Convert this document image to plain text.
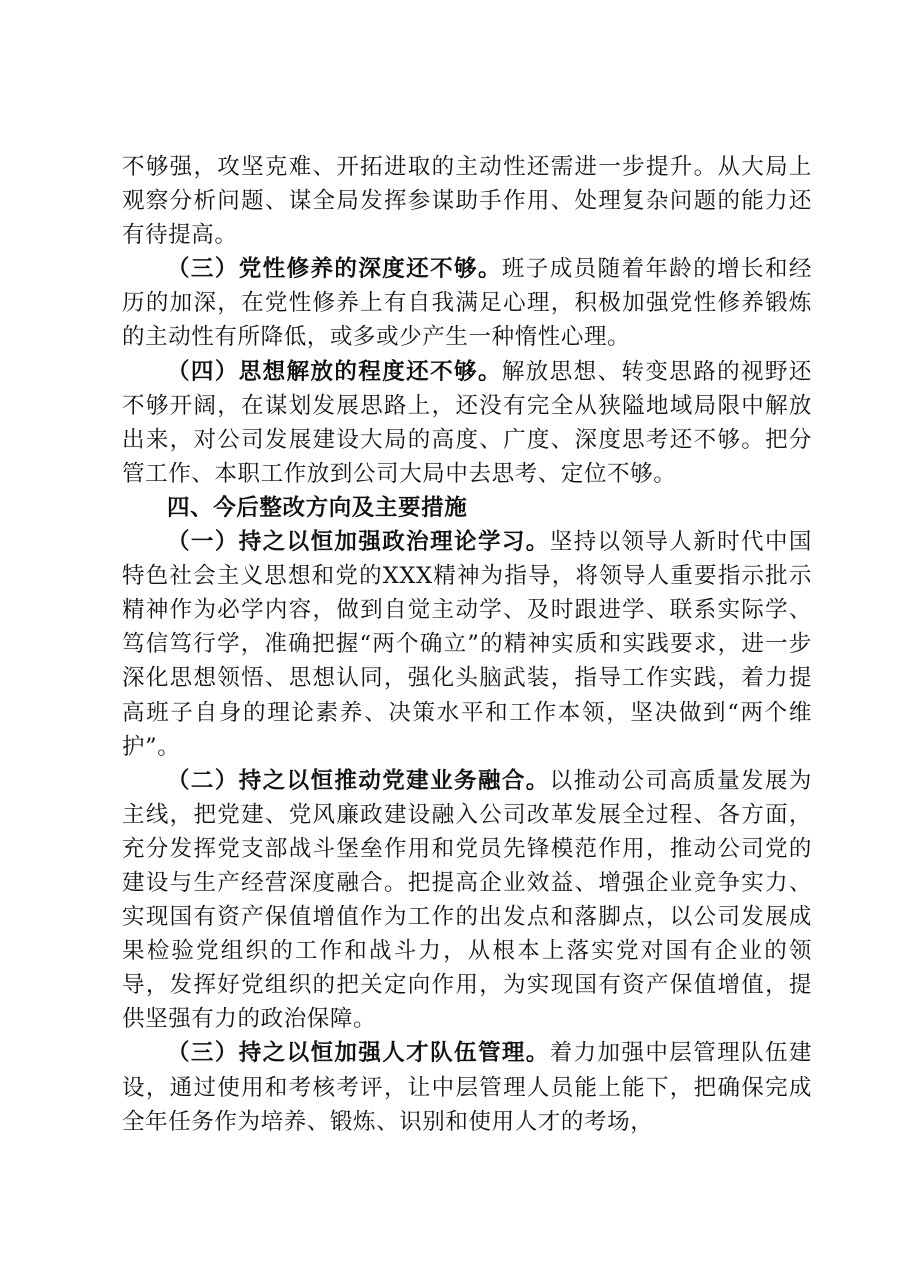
不够强，攻坚克难、开拓进取的主动性还需进一步提升。从大局上观察分析问题、谋全局发挥参谋助手作用、处理复杂问题的能力还有待提高。

（三）党性修养的深度还不够。班子成员随着年龄的增长和经历的加深，在党性修养上有自我满足心理，积极加强党性修养锻炼的主动性有所降低，或多或少产生一种惰性心理。

（四）思想解放的程度还不够。解放思想、转变思路的视野还不够开阔，在谋划发展思路上，还没有完全从狭隘地域局限中解放出来，对公司发展建设大局的高度、广度、深度思考还不够。把分管工作、本职工作放到公司大局中去思考、定位不够。

四、今后整改方向及主要措施

（一）持之以恒加强政治理论学习。坚持以领导人新时代中国特色社会主义思想和党的XXX精神为指导，将领导人重要指示批示精神作为必学内容，做到自觉主动学、及时跟进学、联系实际学、笃信笃行学，准确把握“两个确立”的精神实质和实践要求，进一步深化思想领悟、思想认同，强化头脑武装，指导工作实践，着力提高班子自身的理论素养、决策水平和工作本领，坚决做到“两个维护”。

（二）持之以恒推动党建业务融合。以推动公司高质量发展为主线，把党建、党风廉政建设融入公司改革发展全过程、各方面，充分发挥党支部战斗堡垒作用和党员先锋模范作用，推动公司党的建设与生产经营深度融合。把提高企业效益、增强企业竞争实力、实现国有资产保值增值作为工作的出发点和落脚点，以公司发展成果检验党组织的工作和战斗力，从根本上落实党对国有企业的领导，发挥好党组织的把关定向作用，为实现国有资产保值增值，提供坚强有力的政治保障。

（三）持之以恒加强人才队伍管理。着力加强中层管理队伍建设，通过使用和考核考评，让中层管理人员能上能下，把确保完成全年任务作为培养、锻炼、识别和使用人才的考场，
